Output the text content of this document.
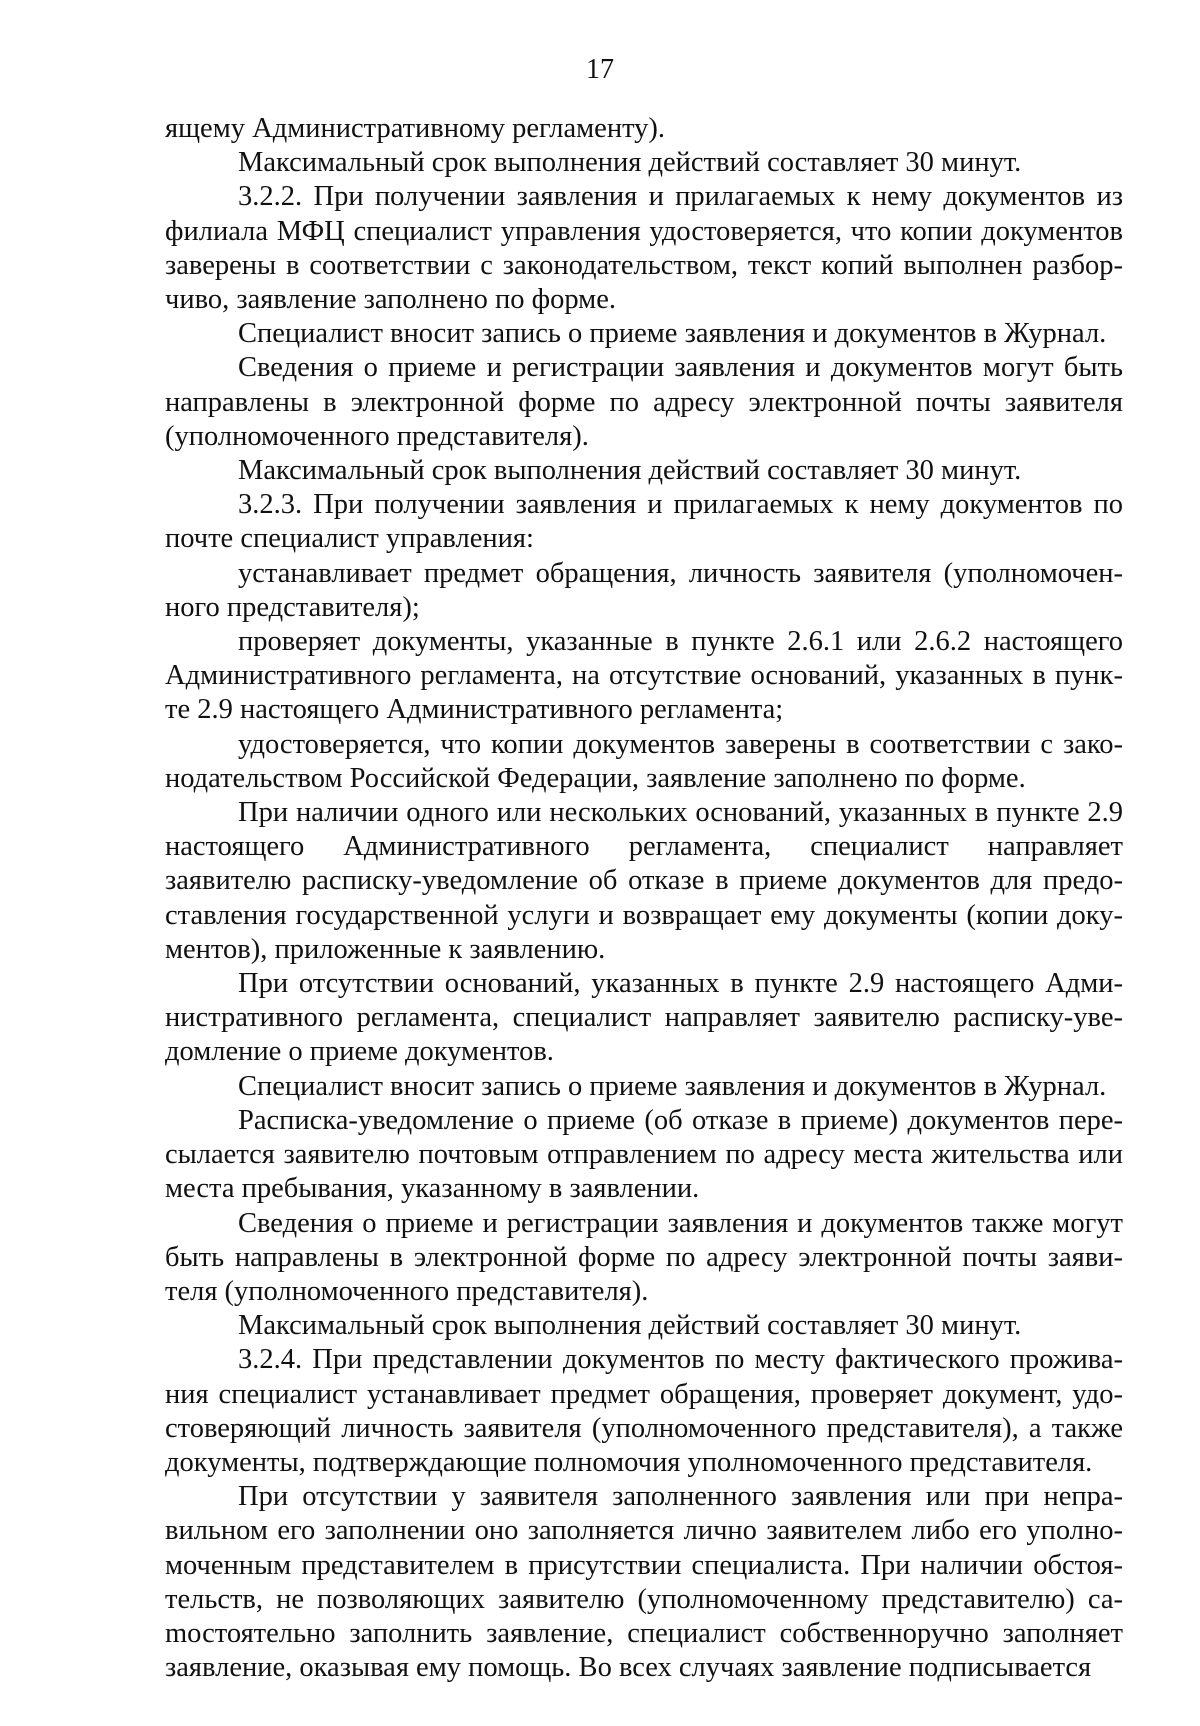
17

ящему Административному регламенту).

Максимальный срок выполнения действий составляет 30 минут.

3.2.2. При получении заявления и прилагаемых к нему документов из филиала МФЦ специалист управления удостоверяется, что копии документов заверены в соответствии с законодательством, текст копий выполнен разборчиво, заявление заполнено по форме.

Специалист вносит запись о приеме заявления и документов в Журнал.

Сведения о приеме и регистрации заявления и документов могут быть направлены в электронной форме по адресу электронной почты заявителя (уполномоченного представителя).

Максимальный срок выполнения действий составляет 30 минут.

3.2.3. При получении заявления и прилагаемых к нему документов по почте специалист управления:

устанавливает предмет обращения, личность заявителя (уполномоченного представителя);

проверяет документы, указанные в пункте 2.6.1 или 2.6.2 настоящего Административного регламента, на отсутствие оснований, указанных в пункте 2.9 настоящего Административного регламента;

удостоверяется, что копии документов заверены в соответствии с законодательством Российской Федерации, заявление заполнено по форме.

При наличии одного или нескольких оснований, указанных в пункте 2.9 настоящего Административного регламента, специалист направляет заявителю расписку-уведомление об отказе в приеме документов для предоставления государственной услуги и возвращает ему документы (копии документов), приложенные к заявлению.

При отсутствии оснований, указанных в пункте 2.9 настоящего Административного регламента, специалист направляет заявителю расписку-уведомление о приеме документов.

Специалист вносит запись о приеме заявления и документов в Журнал.

Расписка-уведомление о приеме (об отказе в приеме) документов пересылается заявителю почтовым отправлением по адресу места жительства или места пребывания, указанному в заявлении.

Сведения о приеме и регистрации заявления и документов также могут быть направлены в электронной форме по адресу электронной почты заявителя (уполномоченного представителя).

Максимальный срок выполнения действий составляет 30 минут.

3.2.4. При представлении документов по месту фактического проживания специалист устанавливает предмет обращения, проверяет документ, удостоверяющий личность заявителя (уполномоченного представителя), а также документы, подтверждающие полномочия уполномоченного представителя.

При отсутствии у заявителя заполненного заявления или при неправильном его заполнении оно заполняется лично заявителем либо его уполномоченным представителем в присутствии специалиста. При наличии обстоятельств, не позволяющих заявителю (уполномоченному представителю) саmостоятельно заполнить заявление, специалист собственноручно заполняет заявление, оказывая ему помощь. Во всех случаях заявление подписывается
